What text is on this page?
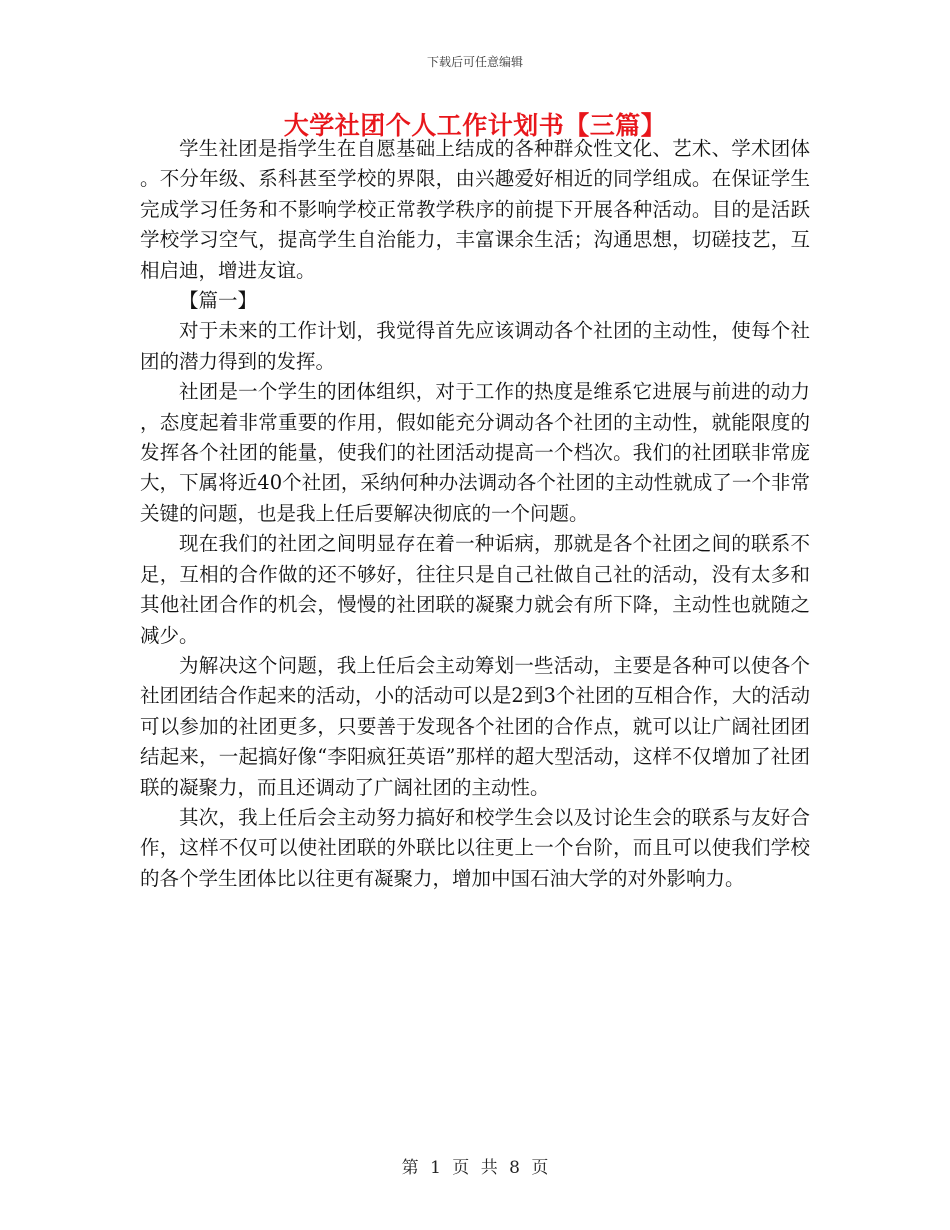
下载后可任意编辑
大学社团个人工作计划书【三篇】

学生社团是指学生在自愿基础上结成的各种群众性文化、艺术、学术团体。不分年级、系科甚至学校的界限，由兴趣爱好相近的同学组成。在保证学生完成学习任务和不影响学校正常教学秩序的前提下开展各种活动。目的是活跃学校学习空气，提高学生自治能力，丰富课余生活；沟通思想，切磋技艺，互相启迪，增进友谊。

【篇一】

对于未来的工作计划，我觉得首先应该调动各个社团的主动性，使每个社团的潜力得到的发挥。

社团是一个学生的团体组织，对于工作的热度是维系它进展与前进的动力，态度起着非常重要的作用，假如能充分调动各个社团的主动性，就能限度的发挥各个社团的能量，使我们的社团活动提高一个档次。我们的社团联非常庞大，下属将近40个社团，采纳何种办法调动各个社团的主动性就成了一个非常关键的问题，也是我上任后要解决彻底的一个问题。

现在我们的社团之间明显存在着一种诟病，那就是各个社团之间的联系不足，互相的合作做的还不够好，往往只是自己社做自己社的活动，没有太多和其他社团合作的机会，慢慢的社团联的凝聚力就会有所下降，主动性也就随之减少。

为解决这个问题，我上任后会主动筹划一些活动，主要是各种可以使各个社团团结合作起来的活动，小的活动可以是2到3个社团的互相合作，大的活动可以参加的社团更多，只要善于发现各个社团的合作点，就可以让广阔社团团结起来，一起搞好像“李阳疯狂英语”那样的超大型活动，这样不仅增加了社团联的凝聚力，而且还调动了广阔社团的主动性。

其次，我上任后会主动努力搞好和校学生会以及讨论生会的联系与友好合作，这样不仅可以使社团联的外联比以往更上一个台阶，而且可以使我们学校的各个学生团体比以往更有凝聚力，增加中国石油大学的对外影响力。

第 1 页 共 8 页
